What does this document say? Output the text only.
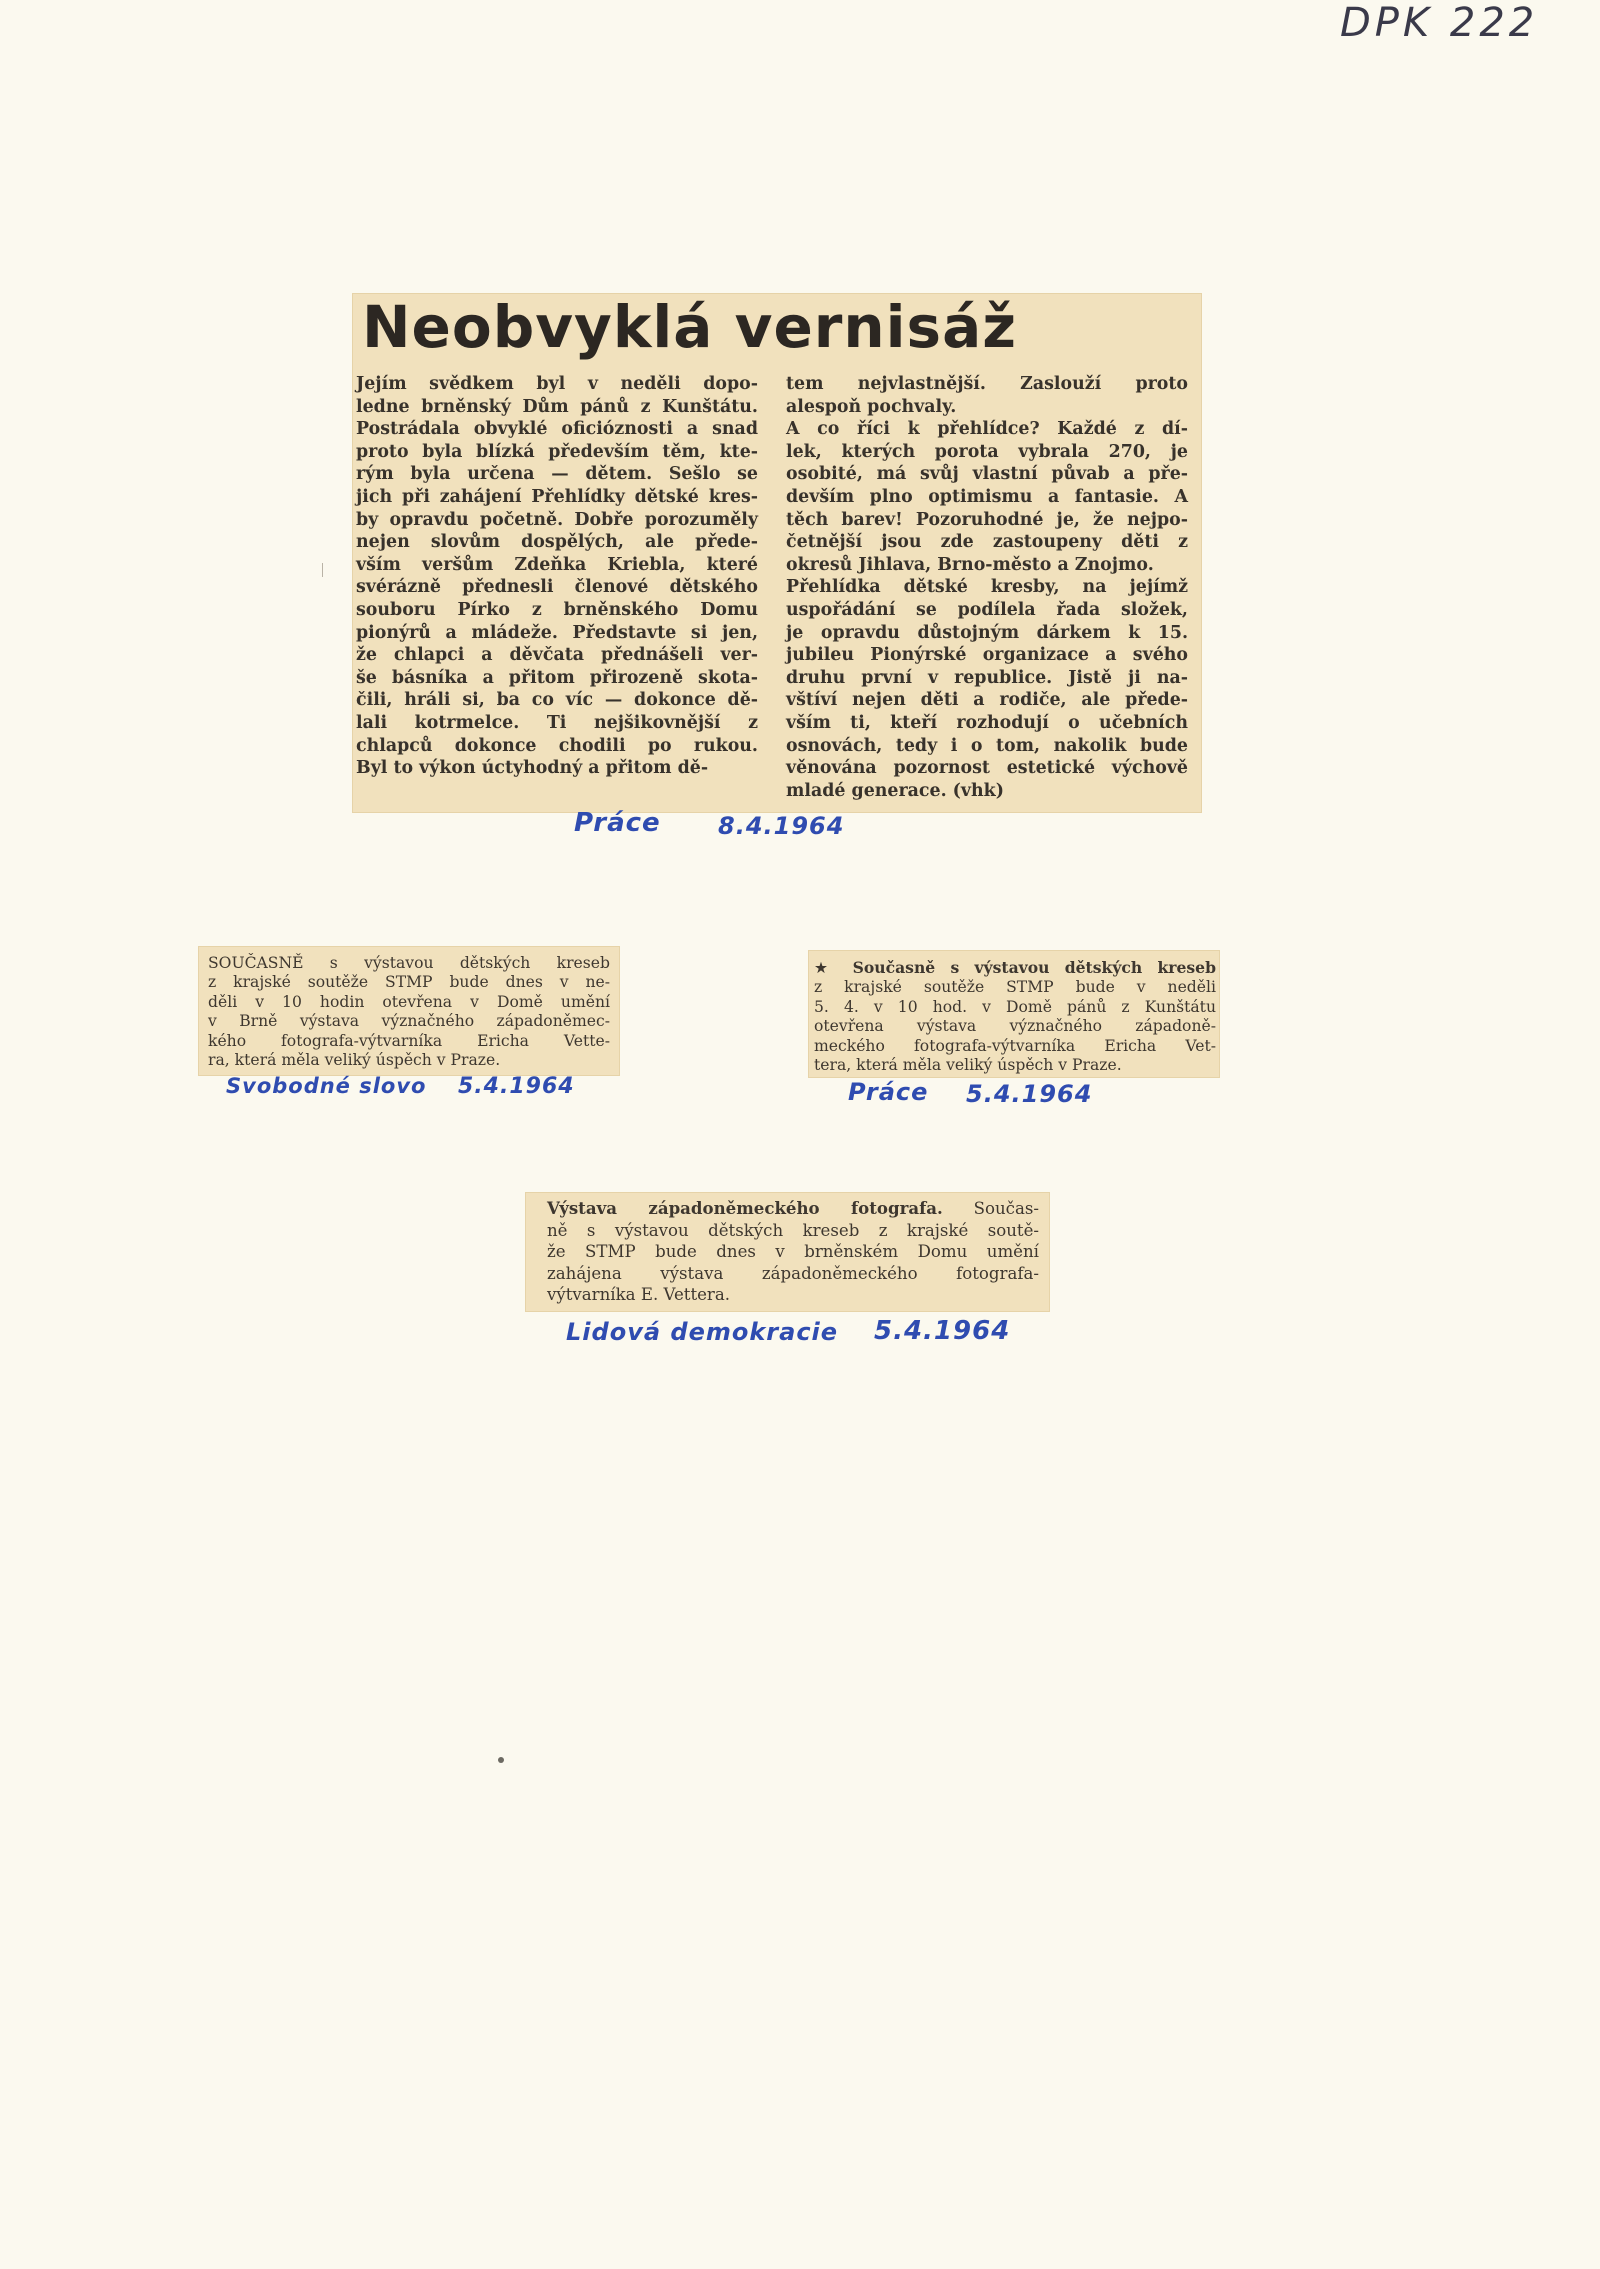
DPK 222
Neobvyklá vernisáž
Jejím svědkem byl v neděli dopo-
ledne brněnský Dům pánů z Kunštátu.
Postrádala obvyklé oficióznosti a snad
proto byla blízká především těm, kte-
rým byla určena — dětem. Sešlo se
jich při zahájení Přehlídky dětské kres-
by opravdu početně. Dobře porozuměly
nejen slovům dospělých, ale přede-
vším veršům Zdeňka Kriebla, které
svérázně přednesli členové dětského
souboru Pírko z brněnského Domu
pionýrů a mládeže. Představte si jen,
že chlapci a děvčata přednášeli ver-
še básníka a přitom přirozeně skota-
čili, hráli si, ba co víc — dokonce dě-
lali kotrmelce. Ti nejšikovnější z
chlapců dokonce chodili po rukou.
Byl to výkon úctyhodný a přitom dě-
tem nejvlastnější. Zaslouží proto
alespoň pochvaly.
A co říci k přehlídce? Každé z dí-
lek, kterých porota vybrala 270, je
osobité, má svůj vlastní půvab a pře-
devším plno optimismu a fantasie. A
těch barev! Pozoruhodné je, že nejpo-
četnější jsou zde zastoupeny děti z
okresů Jihlava, Brno-město a Znojmo.
Přehlídka dětské kresby, na jejímž
uspořádání se podílela řada složek,
je opravdu důstojným dárkem k 15.
jubileu Pionýrské organizace a svého
druhu první v republice. Jistě ji na-
vštíví nejen děti a rodiče, ale přede-
vším ti, kteří rozhodují o učebních
osnovách, tedy i o tom, nakolik bude
věnována pozornost estetické výchově
mladé generace. (vhk)
Práce 8.4.1964
SOUČASNĚ s výstavou dětských kreseb
z krajské soutěže STMP bude dnes v ne-
děli v 10 hodin otevřena v Domě umění
v Brně výstava význačného západoněmec-
kého fotografa-výtvarníka Ericha Vette-
ra, která měla veliký úspěch v Praze.
Svobodné slovo 5.4.1964
★ Současně s výstavou dětských kreseb
z krajské soutěže STMP bude v neděli
5. 4. v 10 hod. v Domě pánů z Kunštátu
otevřena výstava význačného západoně-
meckého fotografa-výtvarníka Ericha Vet-
tera, která měla veliký úspěch v Praze.
Práce 5.4.1964
Výstava západoněmeckého fotografa. Součas-
ně s výstavou dětských kreseb z krajské soutě-
že STMP bude dnes v brněnském Domu umění
zahájena výstava západoněmeckého fotografa-
výtvarníka E. Vettera.
Lidová demokracie 5.4.1964
